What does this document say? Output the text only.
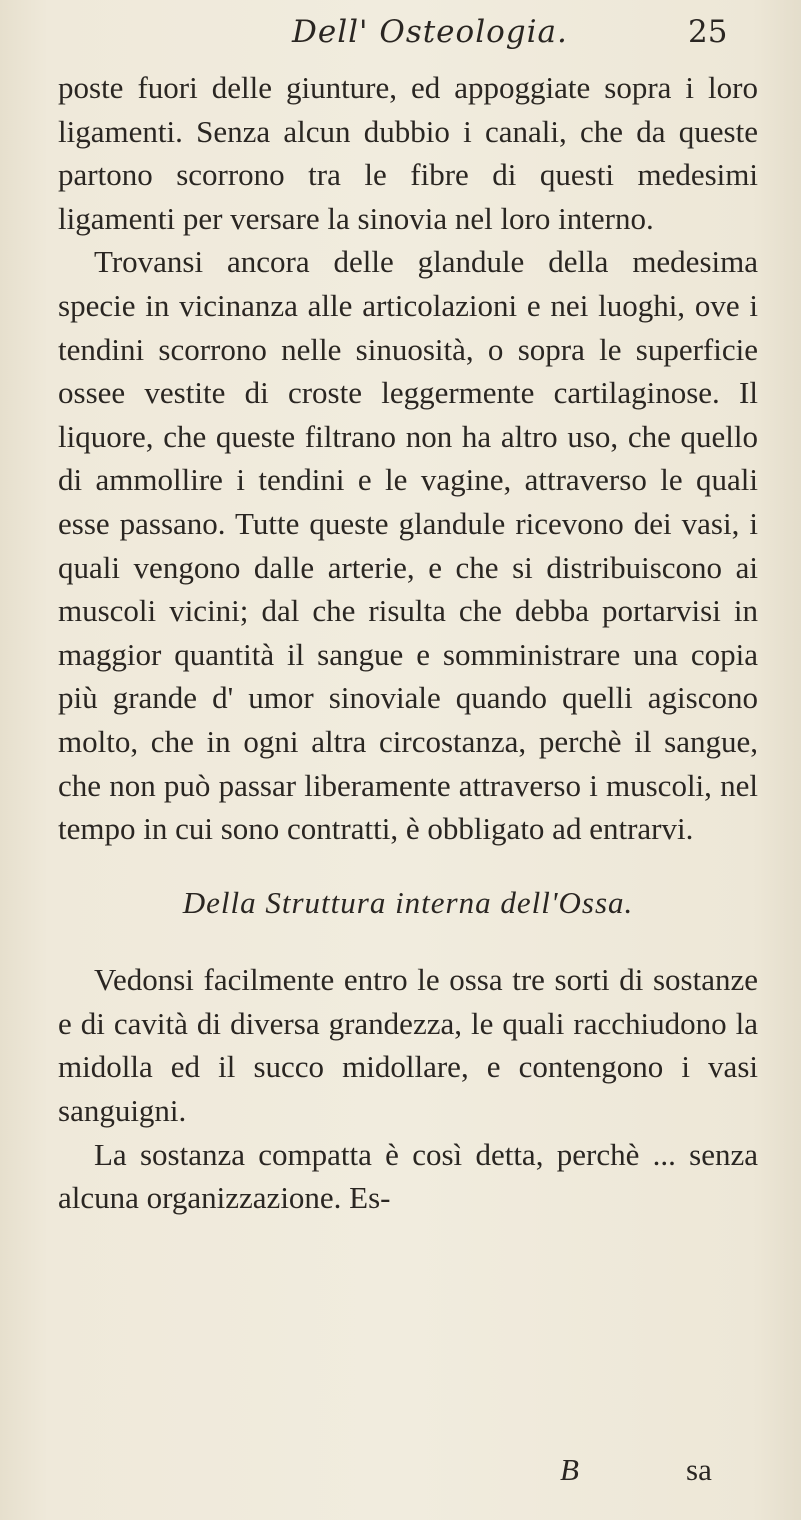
Dell' Osteologia.	25

poste fuori delle giunture, ed appoggiate sopra i loro ligamenti. Senza alcun dubbio i canali, che da queste partono scorrono tra le fibre di questi medesimi ligamenti per versare la sinovia nel loro interno.

Trovansi ancora delle glandule della medesima specie in vicinanza alle articolazioni e nei luoghi, ove i tendini scorrono nelle sinuosità, o sopra le superficie ossee vestite di croste leggermente cartilaginose. Il liquore, che queste filtrano non ha altro uso, che quello di ammollire i tendini e le vagine, attraverso le quali esse passano. Tutte queste glandule ricevono dei vasi, i quali vengono dalle arterie, e che si distribuiscono ai muscoli vicini; dal che risulta che debba portarvisi in maggior quantità il sangue e somministrare una copia più grande d' umor sinoviale quando quelli agiscono molto, che in ogni altra circostanza, perchè il sangue, che non può passar liberamente attraverso i muscoli, nel tempo in cui sono contratti, è obbligato ad entrarvi.

Della Struttura interna dell'Ossa.

Vedonsi facilmente entro le ossa tre sorti di sostanze e di cavità di diversa grandezza, le quali racchiudono la midolla ed il succo midollare, e contengono i vasi sanguigni.

La sostanza compatta è così detta, perchè ... senza alcuna organizzazione. Es-

B	sa
